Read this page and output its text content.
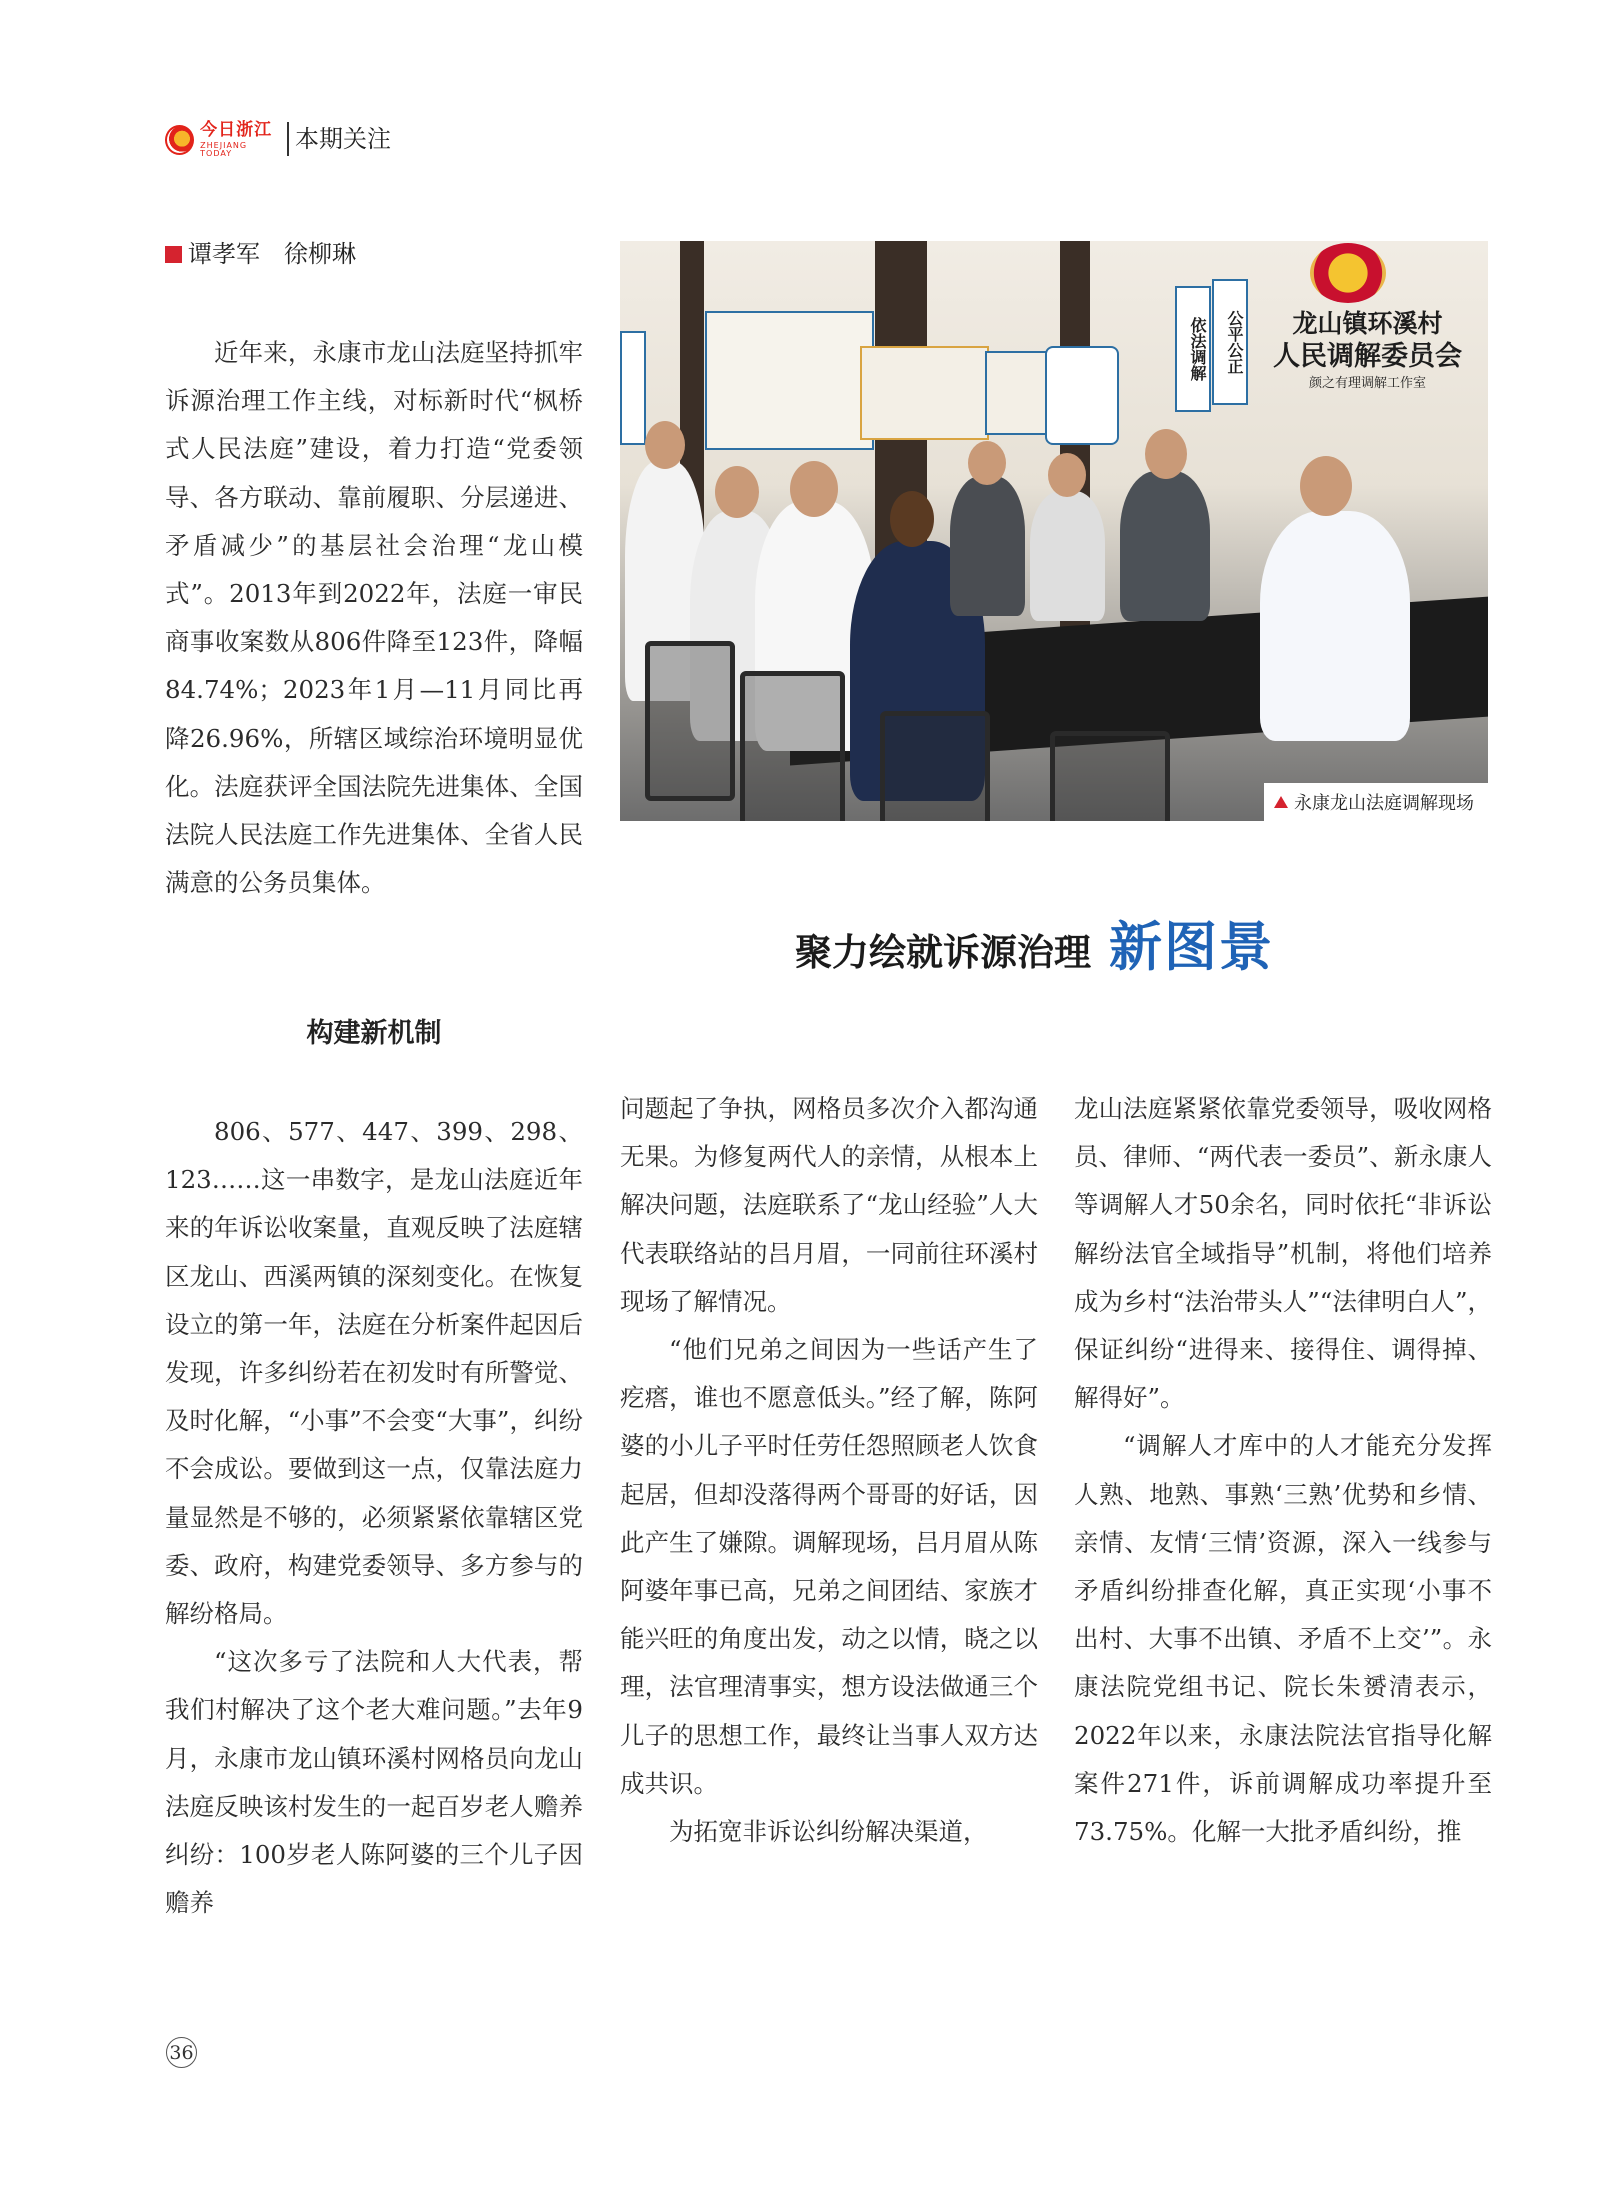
今日浙江
ZHEJIANG TODAY
本期关注
谭孝军　徐柳琳

近年来，永康市龙山法庭坚持抓牢诉源治理工作主线，对标新时代“枫桥式人民法庭”建设，着力打造“党委领导、各方联动、靠前履职、分层递进、矛盾减少”的基层社会治理“龙山模式”。2013年到2022年，法庭一审民商事收案数从806件降至123件，降幅84.74%；2023年1月—11月同比再降26.96%，所辖区域综治环境明显优化。法庭获评全国法院先进集体、全国法院人民法庭工作先进集体、全省人民满意的公务员集体。

构建新机制

806、577、447、399、298、123……这一串数字，是龙山法庭近年来的年诉讼收案量，直观反映了法庭辖区龙山、西溪两镇的深刻变化。在恢复设立的第一年，法庭在分析案件起因后发现，许多纠纷若在初发时有所警觉、及时化解，“小事”不会变“大事”，纠纷不会成讼。要做到这一点，仅靠法庭力量显然是不够的，必须紧紧依靠辖区党委、政府，构建党委领导、多方参与的解纷格局。

“这次多亏了法院和人大代表，帮我们村解决了这个老大难问题。”去年9月，永康市龙山镇环溪村网格员向龙山法庭反映该村发生的一起百岁老人赡养纠纷：100岁老人陈阿婆的三个儿子因赡养

依法调解	公平公正 龙山镇环溪村
人民调解委员会
颜之有理调解工作室
永康龙山法庭调解现场
聚力绘就诉源治理 新图景

问题起了争执，网格员多次介入都沟通无果。为修复两代人的亲情，从根本上解决问题，法庭联系了“龙山经验”人大代表联络站的吕月眉，一同前往环溪村现场了解情况。

“他们兄弟之间因为一些话产生了疙瘩，谁也不愿意低头。”经了解，陈阿婆的小儿子平时任劳任怨照顾老人饮食起居，但却没落得两个哥哥的好话，因此产生了嫌隙。调解现场，吕月眉从陈阿婆年事已高，兄弟之间团结、家族才能兴旺的角度出发，动之以情，晓之以理，法官理清事实，想方设法做通三个儿子的思想工作，最终让当事人双方达成共识。

为拓宽非诉讼纠纷解决渠道，

龙山法庭紧紧依靠党委领导，吸收网格员、律师、“两代表一委员”、新永康人等调解人才50余名，同时依托“非诉讼解纷法官全域指导”机制，将他们培养成为乡村“法治带头人”“法律明白人”，保证纠纷“进得来、接得住、调得掉、解得好”。

“调解人才库中的人才能充分发挥人熟、地熟、事熟‘三熟’优势和乡情、亲情、友情‘三情’资源，深入一线参与矛盾纠纷排查化解，真正实现‘小事不出村、大事不出镇、矛盾不上交’”。永康法院党组书记、院长朱赟清表示，2022年以来，永康法院法官指导化解案件271件，诉前调解成功率提升至73.75%。化解一大批矛盾纠纷，推

36
